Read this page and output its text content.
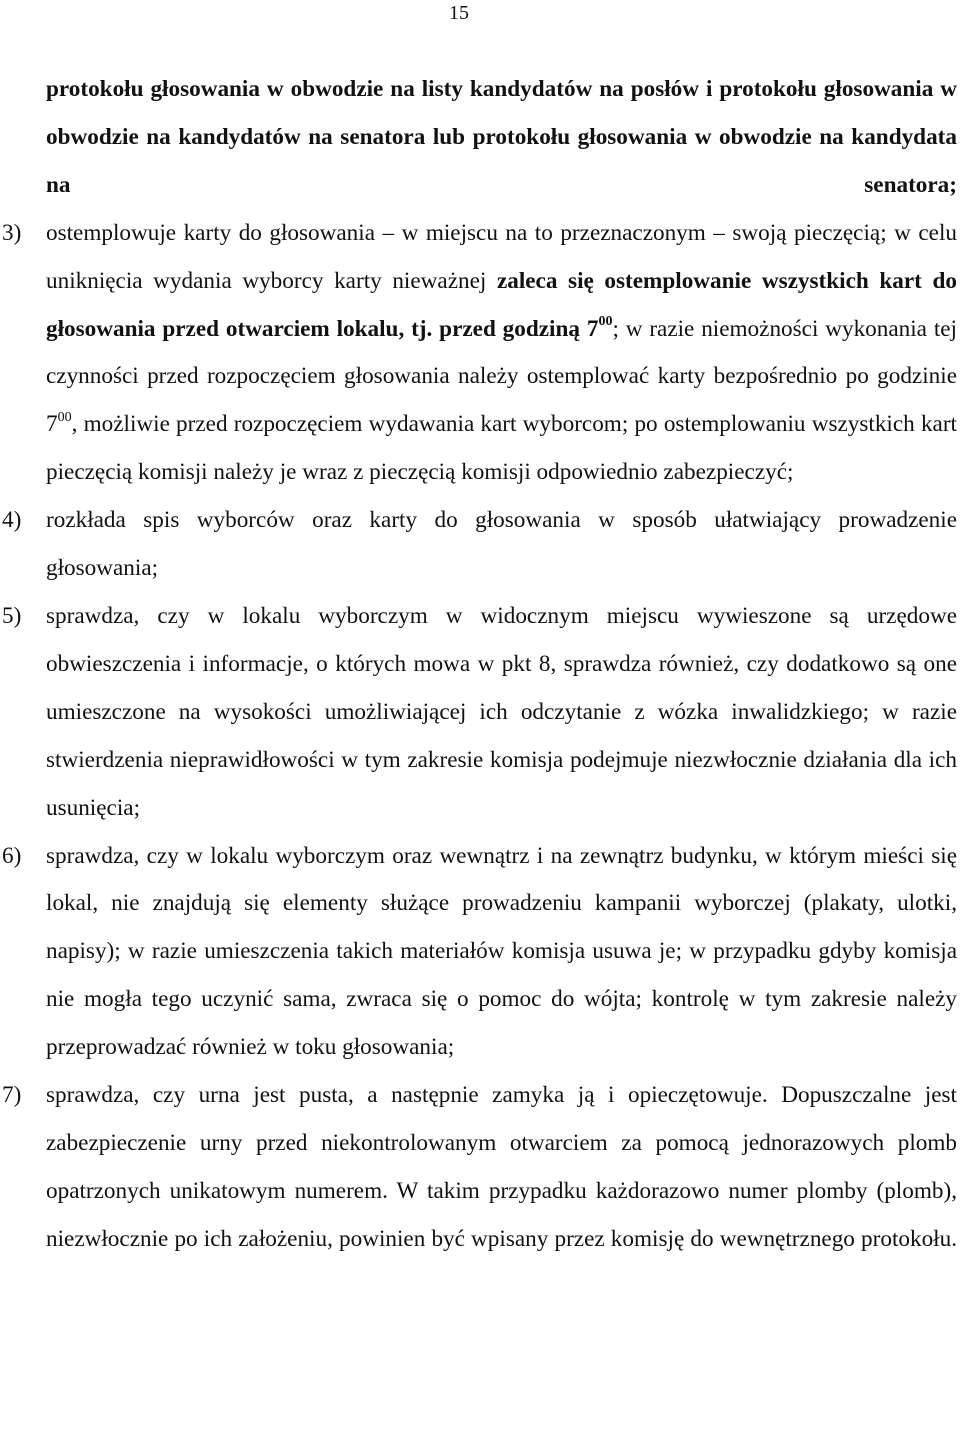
15
protokołu głosowania w obwodzie na listy kandydatów na posłów i protokołu głosowania w obwodzie na kandydatów na senatora lub protokołu głosowania w obwodzie na kandydata na senatora;
3) ostemplowuje karty do głosowania ‒ w miejscu na to przeznaczonym ‒ swoją pieczęcią; w celu uniknięcia wydania wyborcy karty nieważnej zaleca się ostemplowanie wszystkich kart do głosowania przed otwarciem lokalu, tj. przed godziną $7^{00}$; w razie niemożności wykonania tej czynności przed rozpoczęciem głosowania należy ostemplować karty bezpośrednio po godzinie $7^{00}$, możliwie przed rozpoczęciem wydawania kart wyborcom; po ostemplowaniu wszystkich kart pieczęcią komisji należy je wraz z pieczęcią komisji odpowiednio zabezpieczyć;
4) rozkłada spis wyborców oraz karty do głosowania w sposób ułatwiający prowadzenie głosowania;
5) sprawdza, czy w lokalu wyborczym w widocznym miejscu wywieszone są urzędowe obwieszczenia i informacje, o których mowa w pkt 8, sprawdza również, czy dodatkowo są one umieszczone na wysokości umożliwiającej ich odczytanie z wózka inwalidzkiego; w razie stwierdzenia nieprawidłowości w tym zakresie komisja podejmuje niezwłocznie działania dla ich usunięcia;
6) sprawdza, czy w lokalu wyborczym oraz wewnątrz i na zewnątrz budynku, w którym mieści się lokal, nie znajdują się elementy służące prowadzeniu kampanii wyborczej (plakaty, ulotki, napisy); w razie umieszczenia takich materiałów komisja usuwa je; w przypadku gdyby komisja nie mogła tego uczynić sama, zwraca się o pomoc do wójta; kontrolę w tym zakresie należy przeprowadzać również w toku głosowania;
7) sprawdza, czy urna jest pusta, a następnie zamyka ją i opieczętowuje. Dopuszczalne jest zabezpieczenie urny przed niekontrolowanym otwarciem za pomocą jednorazowych plomb opatrzonych unikatowym numerem. W takim przypadku każdorazowo numer plomby (plomb), niezwłocznie po ich założeniu, powinien być wpisany przez komisję do wewnętrznego protokołu.
